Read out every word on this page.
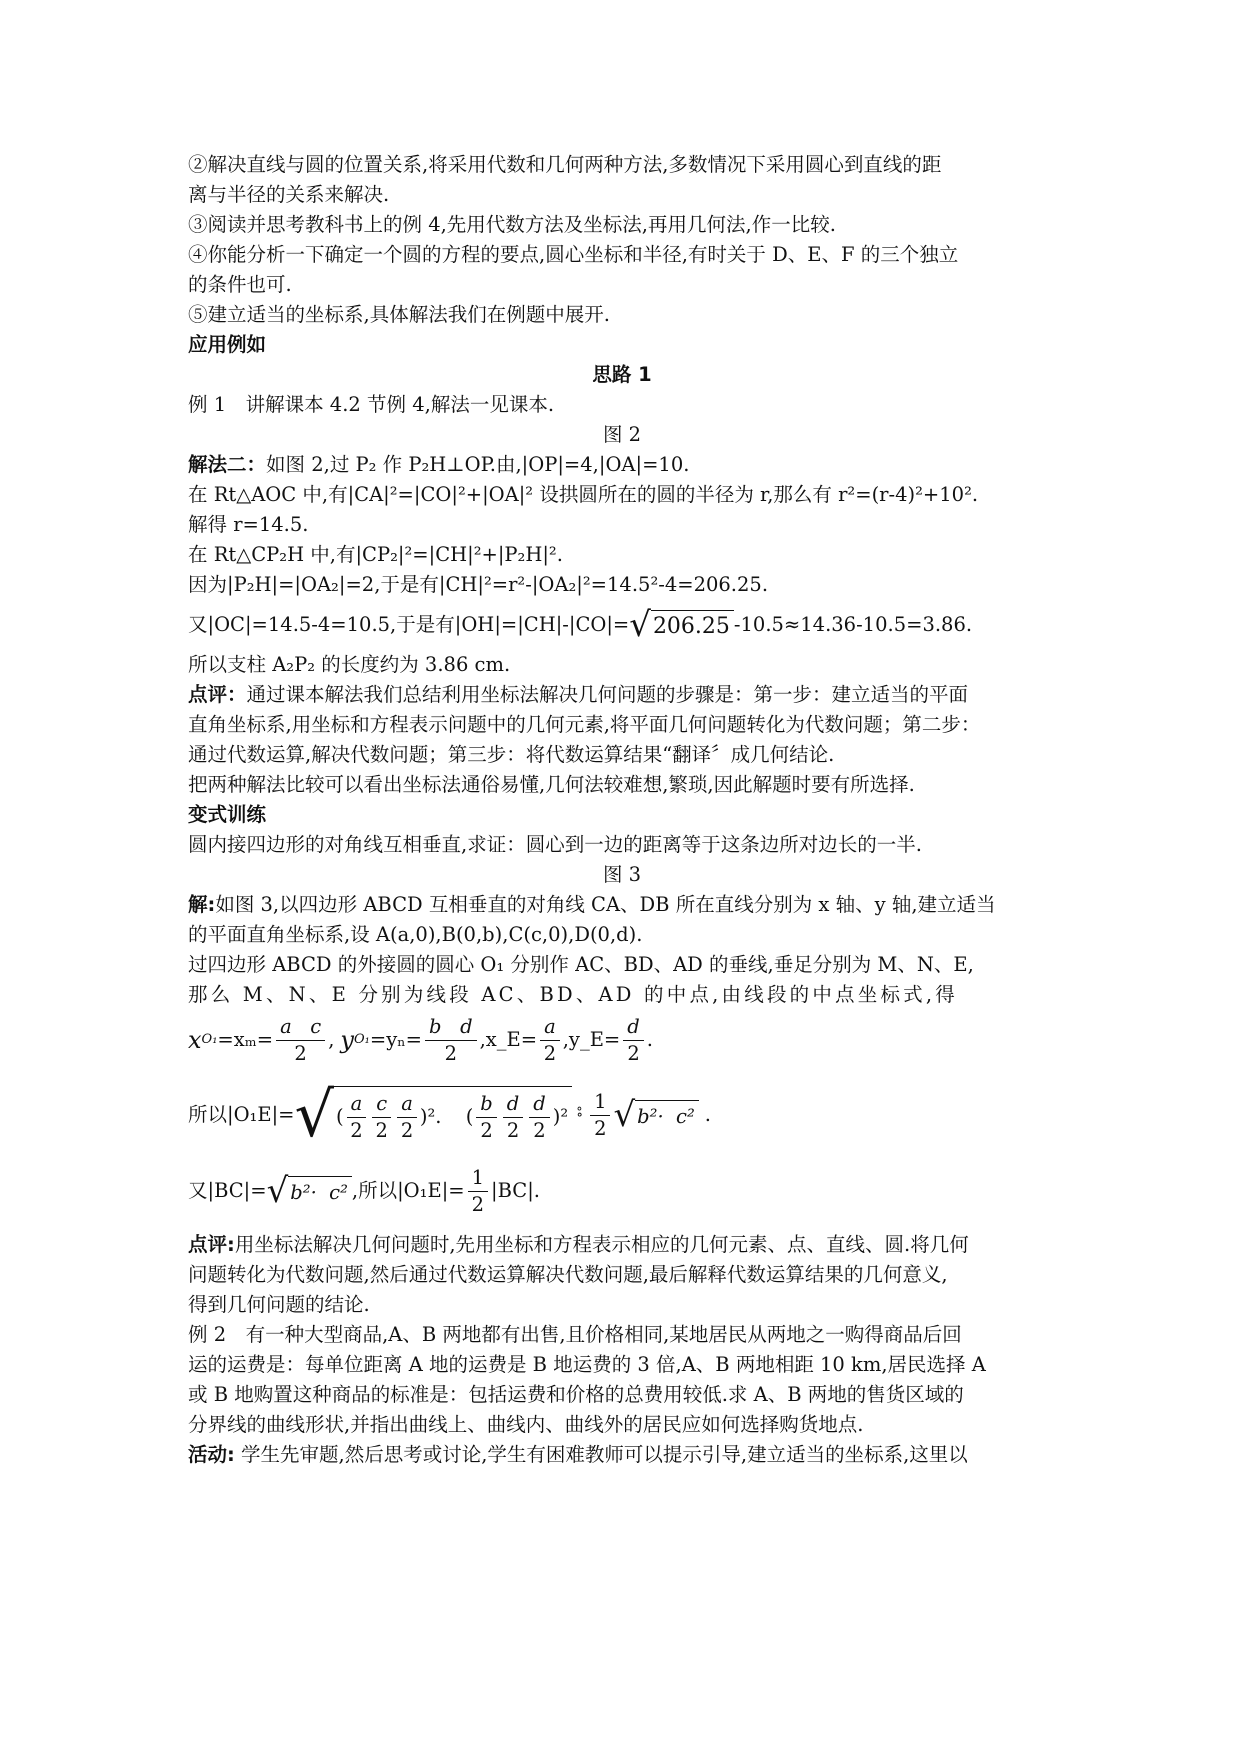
②解决直线与圆的位置关系,将采用代数和几何两种方法,多数情况下采用圆心到直线的距
离与半径的关系来解决.
③阅读并思考教科书上的例 4,先用代数方法及坐标法,再用几何法,作一比较.
④你能分析一下确定一个圆的方程的要点,圆心坐标和半径,有时关于 D、E、F 的三个独立
的条件也可.
⑤建立适当的坐标系,具体解法我们在例题中展开.
应用例如
思路 1
例 1　讲解课本 4.2 节例 4,解法一见课本.
图 2
解法二：如图 2,过 P₂ 作 P₂H⊥OP.由,|OP|=4,|OA|=10.
在 Rt△AOC 中,有|CA|²=|CO|²+|OA|² 设拱圆所在的圆的半径为 r,那么有 r²=(r-4)²+10².
解得 r=14.5.
在 Rt△CP₂H 中,有|CP₂|²=|CH|²+|P₂H|².
因为|P₂H|=|OA₂|=2,于是有|CH|²=r²-|OA₂|²=14.5²-4=206.25.
又|OC|=14.5-4=10.5,于是有|OH|=|CH|-|CO|= √ 206.25 -10.5≈14.36-10.5=3.86.
所以支柱 A₂P₂ 的长度约为 3.86 cm.
点评：通过课本解法我们总结利用坐标法解决几何问题的步骤是：第一步：建立适当的平面
直角坐标系,用坐标和方程表示问题中的几何元素,将平面几何问题转化为代数问题；第二步：
通过代数运算,解决代数问题；第三步：将代数运算结果“翻译〞成几何结论.
把两种解法比较可以看出坐标法通俗易懂,几何法较难想,繁琐,因此解题时要有所选择.
变式训练
圆内接四边形的对角线互相垂直,求证：圆心到一边的距离等于这条边所对边长的一半.
图 3
解:如图 3,以四边形 ABCD 互相垂直的对角线 CA、DB 所在直线分别为 x 轴、y 轴,建立适当
的平面直角坐标系,设 A(a,0),B(0,b),C(c,0),D(0,d).
过四边形 ABCD 的外接圆的圆心 O₁ 分别作 AC、BD、AD 的垂线,垂足分别为 M、N、E,
那么 M、N、E 分别为线段 AC、BD、AD 的中点,由线段的中点坐标式,得
x $O_1 =x_m= \frac{\text{a   c}}{2}$ , y $O_1 =y_n= \frac{\text{b   d}}{2}$ ,x_E= $\frac{a}{2}$ ,y_E= $\frac{d}{2}$ .
所以|O₁E|= √ ( $\frac{a}{2} \frac{c}{2} \frac{a}{2} )^2$. ( $\frac{b}{2} \frac{d}{2} \frac{d}{2} )^2$ ∘̊ $\frac{1}{2}$ √ b²·  c² .
又|BC|= √ b²·  c² ,所以$|O_1E|= \frac{1}{2} |BC|$.
点评:用坐标法解决几何问题时,先用坐标和方程表示相应的几何元素、点、直线、圆.将几何
问题转化为代数问题,然后通过代数运算解决代数问题,最后解释代数运算结果的几何意义,
得到几何问题的结论.
例 2　有一种大型商品,A、B 两地都有出售,且价格相同,某地居民从两地之一购得商品后回
运的运费是：每单位距离 A 地的运费是 B 地运费的 3 倍,A、B 两地相距 10 km,居民选择 A
或 B 地购置这种商品的标准是：包括运费和价格的总费用较低.求 A、B 两地的售货区域的
分界线的曲线形状,并指出曲线上、曲线内、曲线外的居民应如何选择购货地点.
活动: 学生先审题,然后思考或讨论,学生有困难教师可以提示引导,建立适当的坐标系,这里以
